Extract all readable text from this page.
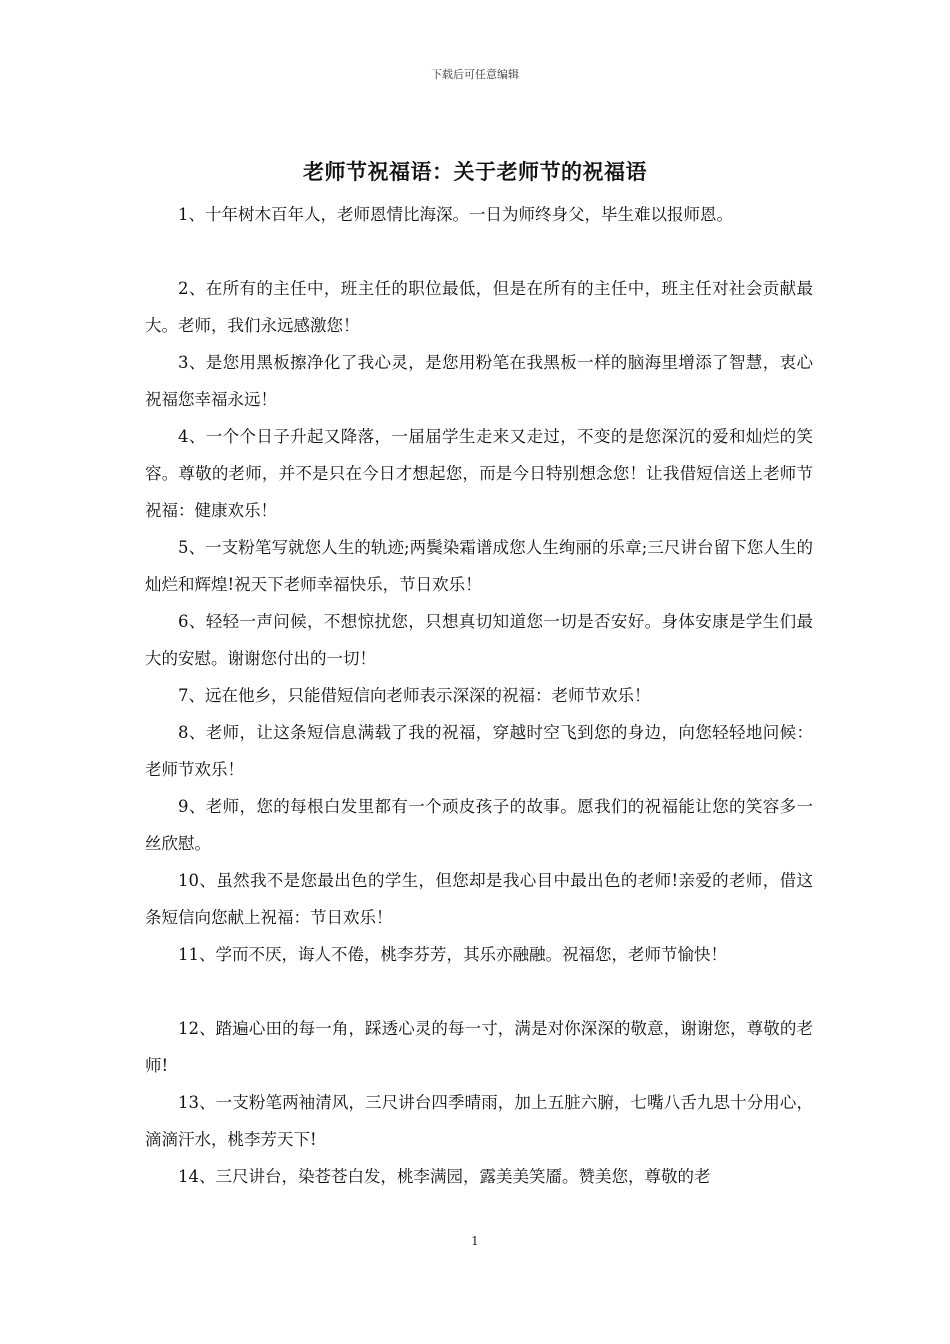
下载后可任意编辑
老师节祝福语：关于老师节的祝福语

1、十年树木百年人，老师恩情比海深。一日为师终身父，毕生难以报师恩。

2、在所有的主任中，班主任的职位最低，但是在所有的主任中，班主任对社会贡献最大。老师，我们永远感激您！

3、是您用黑板擦净化了我心灵，是您用粉笔在我黑板一样的脑海里增添了智慧，衷心祝福您幸福永远！

4、一个个日子升起又降落，一届届学生走来又走过，不变的是您深沉的爱和灿烂的笑容。尊敬的老师，并不是只在今日才想起您，而是今日特别想念您！让我借短信送上老师节祝福：健康欢乐！

5、一支粉笔写就您人生的轨迹;两鬓染霜谱成您人生绚丽的乐章;三尺讲台留下您人生的灿烂和辉煌!祝天下老师幸福快乐，节日欢乐！

6、轻轻一声问候，不想惊扰您，只想真切知道您一切是否安好。身体安康是学生们最大的安慰。谢谢您付出的一切！

7、远在他乡，只能借短信向老师表示深深的祝福：老师节欢乐！

8、老师，让这条短信息满载了我的祝福，穿越时空飞到您的身边，向您轻轻地问候：老师节欢乐！

9、老师，您的每根白发里都有一个顽皮孩子的故事。愿我们的祝福能让您的笑容多一丝欣慰。

10、虽然我不是您最出色的学生，但您却是我心目中最出色的老师!亲爱的老师，借这条短信向您献上祝福：节日欢乐！

11、学而不厌，诲人不倦，桃李芬芳，其乐亦融融。祝福您，老师节愉快！

12、踏遍心田的每一角，踩透心灵的每一寸，满是对你深深的敬意，谢谢您，尊敬的老师!

13、一支粉笔两袖清风，三尺讲台四季晴雨，加上五脏六腑，七嘴八舌九思十分用心，滴滴汗水，桃李芳天下!

14、三尺讲台，染苍苍白发，桃李满园，露美美笑靥。赞美您，尊敬的老

1
